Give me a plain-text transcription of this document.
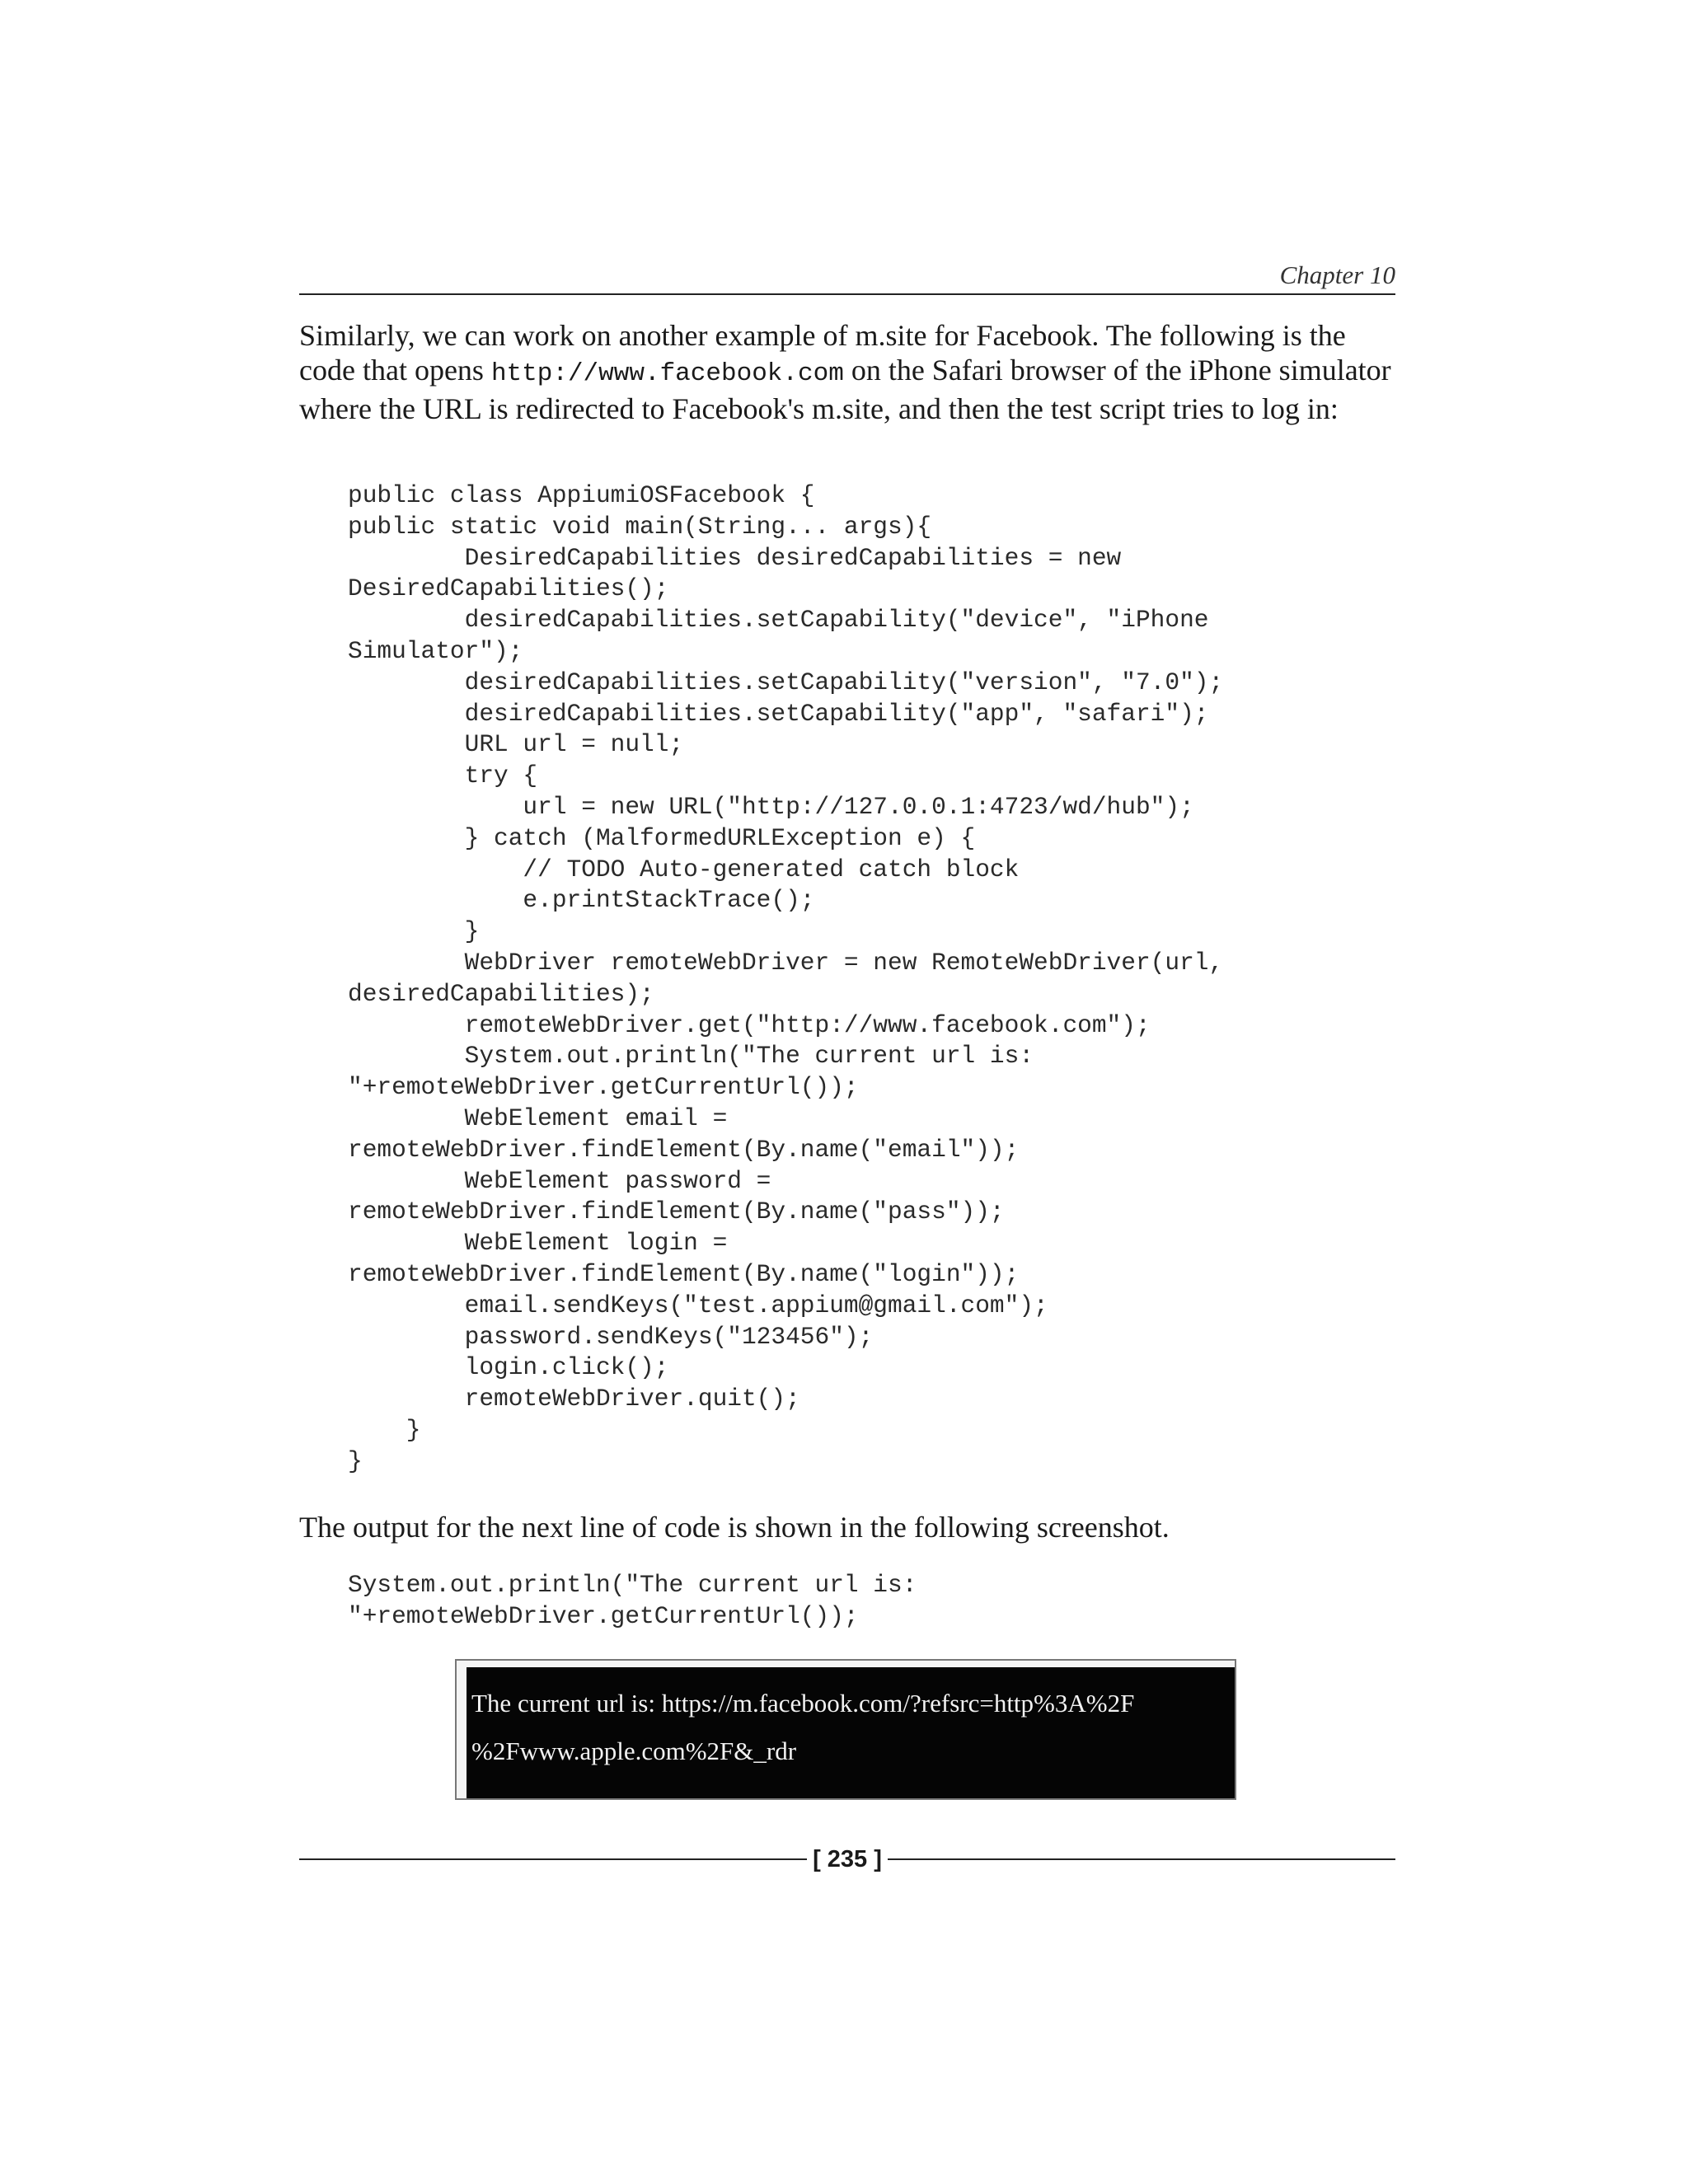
Chapter 10

Similarly, we can work on another example of m.site for Facebook. The following is the code that opens http://www.facebook.com on the Safari browser of the iPhone simulator where the URL is redirected to Facebook's m.site, and then the test script tries to log in:

public class AppiumiOSFacebook {
public static void main(String... args){
DesiredCapabilities desiredCapabilities = new
DesiredCapabilities();
desiredCapabilities.setCapability("device", "iPhone
Simulator");
desiredCapabilities.setCapability("version", "7.0");
desiredCapabilities.setCapability("app", "safari");
URL url = null;
try {
url = new URL("http://127.0.0.1:4723/wd/hub");
} catch (MalformedURLException e) {
// TODO Auto-generated catch block
e.printStackTrace();
}
WebDriver remoteWebDriver = new RemoteWebDriver(url,
desiredCapabilities);
remoteWebDriver.get("http://www.facebook.com");
System.out.println("The current url is:
"+remoteWebDriver.getCurrentUrl());
WebElement email =
remoteWebDriver.findElement(By.name("email"));
WebElement password =
remoteWebDriver.findElement(By.name("pass"));
WebElement login =
remoteWebDriver.findElement(By.name("login"));
email.sendKeys("test.appium@gmail.com");
password.sendKeys("123456");
login.click();
remoteWebDriver.quit();
}
}

The output for the next line of code is shown in the following screenshot.

System.out.println("The current url is:
"+remoteWebDriver.getCurrentUrl());
The current url is: https://m.facebook.com/?refsrc=http%3A%2F
%2Fwww.apple.com%2F&_rdr
[ 235 ]
